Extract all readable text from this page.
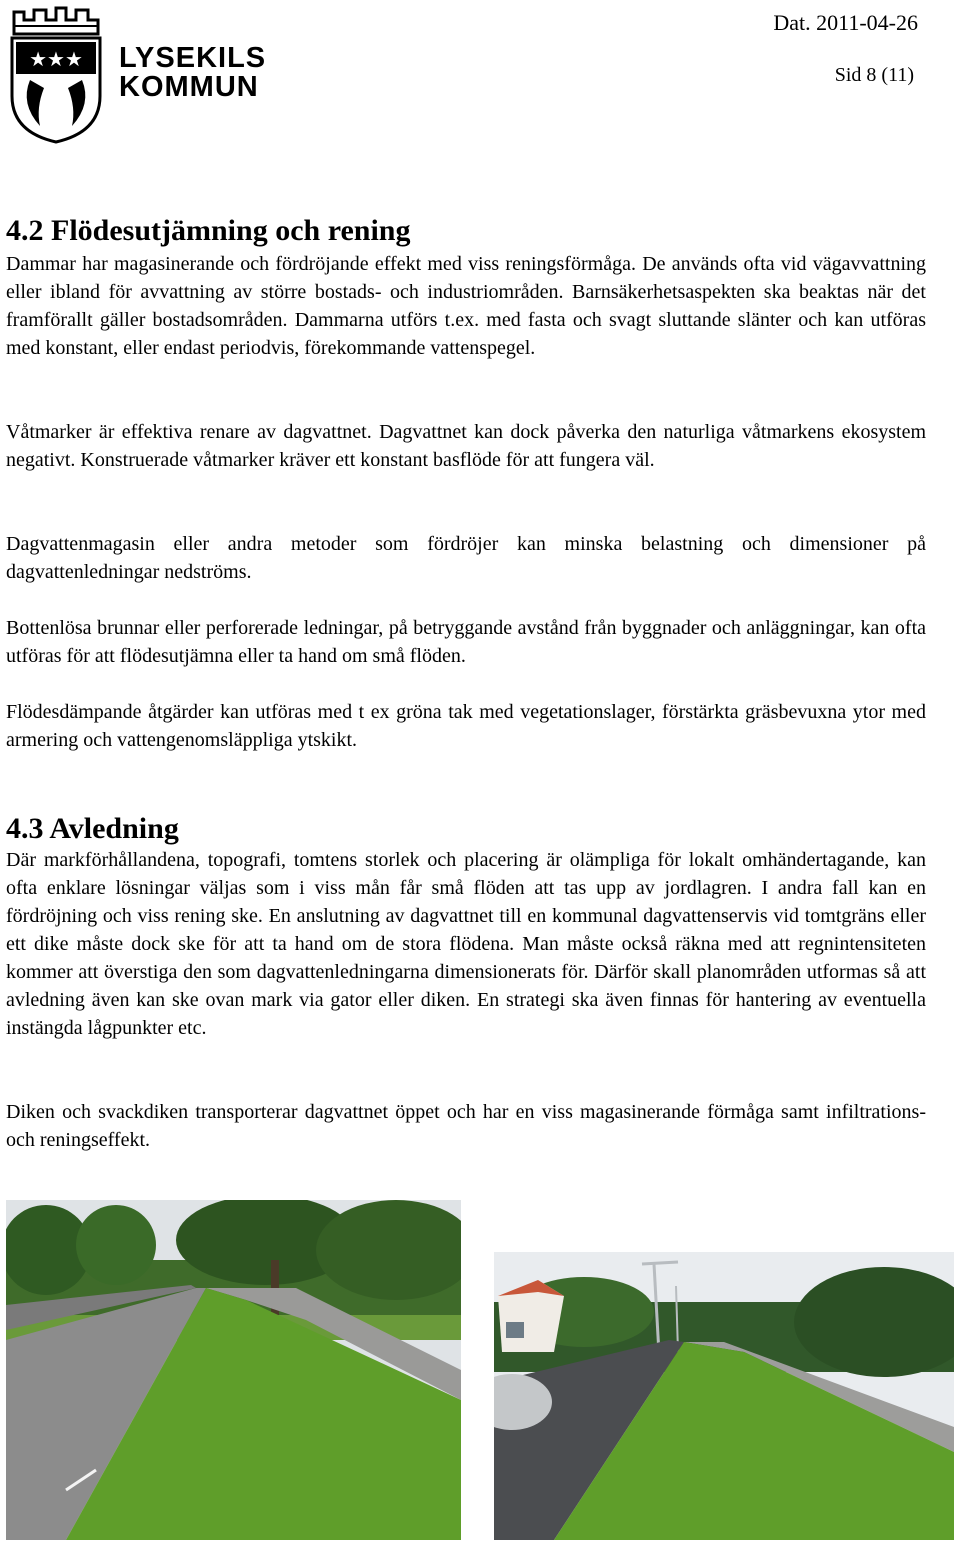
★★★ LYSEKILS
KOMMUN
Dat. 2011-04-26
Sid 8 (11)
4.2 Flödesutjämning och rening

Dammar har magasinerande och fördröjande effekt med viss reningsförmåga. De används ofta vid vägavvattning eller ibland för avvattning av större bostads- och industriområden. Barnsäkerhetsaspekten ska beaktas när det framförallt gäller bostadsområden. Dammarna utförs t.ex. med fasta och svagt sluttande slänter och kan utföras med konstant, eller endast periodvis, förekommande vattenspegel.

Våtmarker är effektiva renare av dagvattnet. Dagvattnet kan dock påverka den naturliga våtmarkens ekosystem negativt. Konstruerade våtmarker kräver ett konstant basflöde för att fungera väl.

Dagvattenmagasin eller andra metoder som fördröjer kan minska belastning och dimensioner på dagvattenledningar nedströms.

Bottenlösa brunnar eller perforerade ledningar, på betryggande avstånd från byggnader och anläggningar, kan ofta utföras för att flödesutjämna eller ta hand om små flöden.

Flödesdämpande åtgärder kan utföras med t ex gröna tak med vegetationslager, förstärkta gräsbevuxna ytor med armering och vattengenomsläppliga ytskikt.

4.3 Avledning

Där markförhållandena, topografi, tomtens storlek och placering är olämpliga för lokalt omhändertagande, kan ofta enklare lösningar väljas som i viss mån får små flöden att tas upp av jordlagren. I andra fall kan en fördröjning och viss rening ske. En anslutning av dagvattnet till en kommunal dagvattenservis vid tomtgräns eller ett dike måste dock ske för att ta hand om de stora flödena. Man måste också räkna med att regnintensiteten kommer att överstiga den som dagvattenledningarna dimensionerats för. Därför skall planområden utformas så att avledning även kan ske ovan mark via gator eller diken. En strategi ska även finnas för hantering av eventuella instängda lågpunkter etc.

Diken och svackdiken transporterar dagvattnet öppet och har en viss magasinerande förmåga samt infiltrations- och reningseffekt.
